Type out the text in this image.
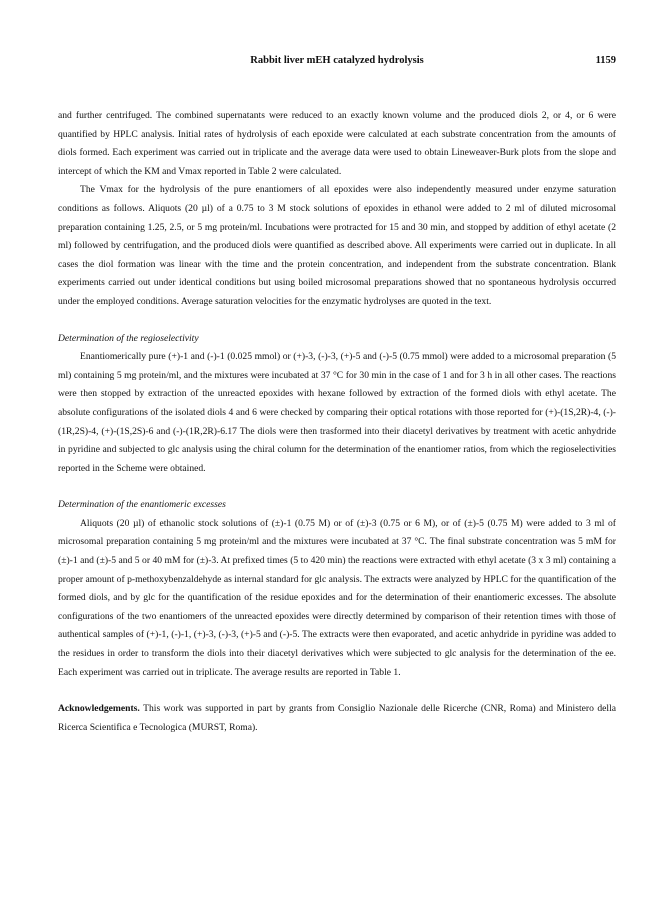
Rabbit liver mEH catalyzed hydrolysis	1159

and further centrifuged. The combined supernatants were reduced to an exactly known volume and the produced diols 2, or 4, or 6 were quantified by HPLC analysis. Initial rates of hydrolysis of each epoxide were calculated at each substrate concentration from the amounts of diols formed. Each experiment was carried out in triplicate and the average data were used to obtain Lineweaver-Burk plots from the slope and intercept of which the KM and Vmax reported in Table 2 were calculated.

The Vmax for the hydrolysis of the pure enantiomers of all epoxides were also independently measured under enzyme saturation conditions as follows. Aliquots (20 µl) of a 0.75 to 3 M stock solutions of epoxides in ethanol were added to 2 ml of diluted microsomal preparation containing 1.25, 2.5, or 5 mg protein/ml. Incubations were protracted for 15 and 30 min, and stopped by addition of ethyl acetate (2 ml) followed by centrifugation, and the produced diols were quantified as described above. All experiments were carried out in duplicate. In all cases the diol formation was linear with the time and the protein concentration, and independent from the substrate concentration. Blank experiments carried out under identical conditions but using boiled microsomal preparations showed that no spontaneous hydrolysis occurred under the employed conditions. Average saturation velocities for the enzymatic hydrolyses are quoted in the text.

Determination of the regioselectivity

Enantiomerically pure (+)-1 and (-)-1 (0.025 mmol) or (+)-3, (-)-3, (+)-5 and (-)-5 (0.75 mmol) were added to a microsomal preparation (5 ml) containing 5 mg protein/ml, and the mixtures were incubated at 37 °C for 30 min in the case of 1 and for 3 h in all other cases. The reactions were then stopped by extraction of the unreacted epoxides with hexane followed by extraction of the formed diols with ethyl acetate. The absolute configurations of the isolated diols 4 and 6 were checked by comparing their optical rotations with those reported for (+)-(1S,2R)-4, (-)-(1R,2S)-4, (+)-(1S,2S)-6 and (-)-(1R,2R)-6.17 The diols were then trasformed into their diacetyl derivatives by treatment with acetic anhydride in pyridine and subjected to glc analysis using the chiral column for the determination of the enantiomer ratios, from which the regioselectivities reported in the Scheme were obtained.

Determination of the enantiomeric excesses

Aliquots (20 µl) of ethanolic stock solutions of (±)-1 (0.75 M) or of (±)-3 (0.75 or 6 M), or of (±)-5 (0.75 M) were added to 3 ml of microsomal preparation containing 5 mg protein/ml and the mixtures were incubated at 37 °C. The final substrate concentration was 5 mM for (±)-1 and (±)-5 and 5 or 40 mM for (±)-3. At prefixed times (5 to 420 min) the reactions were extracted with ethyl acetate (3 x 3 ml) containing a proper amount of p-methoxybenzaldehyde as internal standard for glc analysis. The extracts were analyzed by HPLC for the quantification of the formed diols, and by glc for the quantification of the residue epoxides and for the determination of their enantiomeric excesses. The absolute configurations of the two enantiomers of the unreacted epoxides were directly determined by comparison of their retention times with those of authentical samples of (+)-1, (-)-1, (+)-3, (-)-3, (+)-5 and (-)-5. The extracts were then evaporated, and acetic anhydride in pyridine was added to the residues in order to transform the diols into their diacetyl derivatives which were subjected to glc analysis for the determination of the ee. Each experiment was carried out in triplicate. The average results are reported in Table 1.

Acknowledgements. This work was supported in part by grants from Consiglio Nazionale delle Ricerche (CNR, Roma) and Ministero della Ricerca Scientifica e Tecnologica (MURST, Roma).
